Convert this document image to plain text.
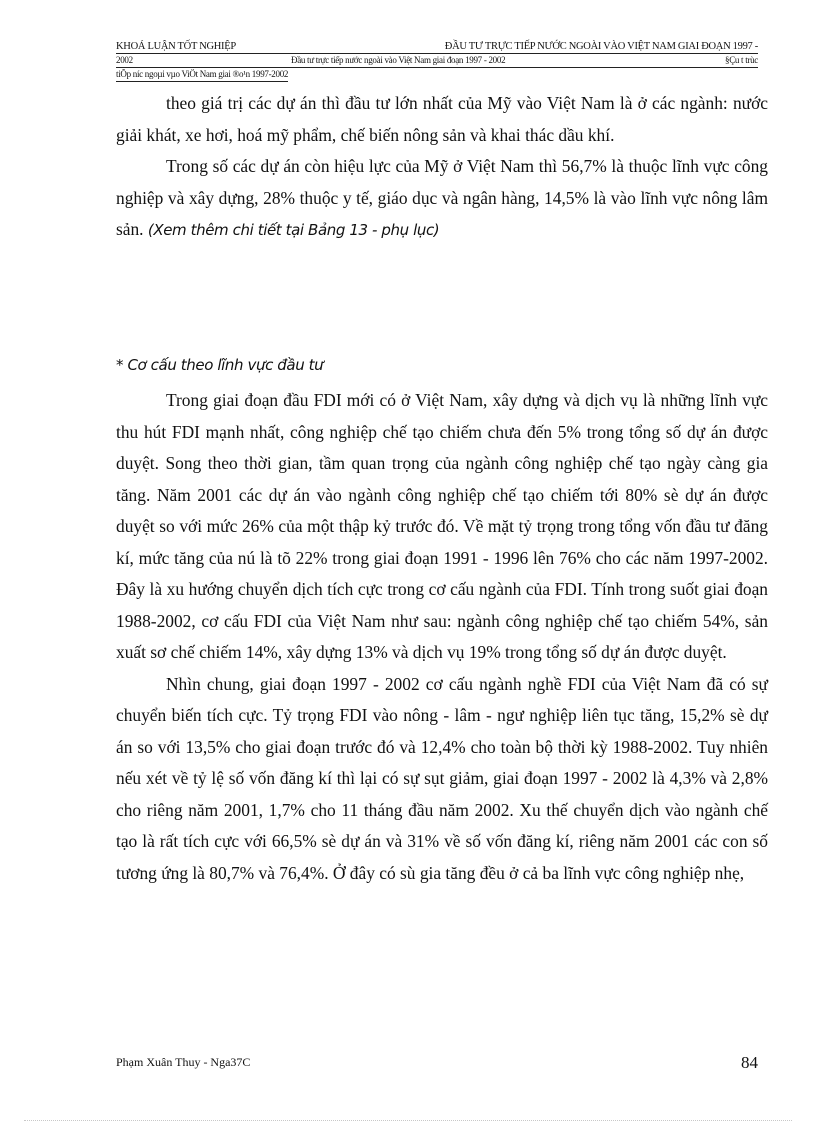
KHOÁ LUẬN TỐT NGHIỆP	ĐẦU TƯ TRỰC TIẾP NƯỚC NGOÀI VÀO VIỆT NAM GIAI ĐOẠN 1997 -
2002	Đầu tư trực tiếp nước ngoài vào Việt Nam giai đoạn 1997 - 2002	§Çu t trùc
tiÕp níc ngoµi vµo ViÖt Nam giai ®o¹n 1997-2002

theo giá trị các dự án thì đầu tư lớn nhất của Mỹ vào Việt Nam là ở các ngành: nước giải khát, xe hơi, hoá mỹ phẩm, chế biến nông sản và khai thác dầu khí.

Trong số các dự án còn hiệu lực của Mỹ ở Việt Nam thì 56,7% là thuộc lĩnh vực công nghiệp và xây dựng, 28% thuộc y tế, giáo dục và ngân hàng, 14,5% là vào lĩnh vực nông lâm sản. (Xem thêm chi tiết tại Bảng 13 - phụ lục)

* Cơ cấu theo lĩnh vực đầu tư

Trong giai đoạn đầu FDI mới có ở Việt Nam, xây dựng và dịch vụ là những lĩnh vực thu hút FDI mạnh nhất, công nghiệp chế tạo chiếm chưa đến 5% trong tổng số dự án được duyệt. Song theo thời gian, tầm quan trọng của ngành công nghiệp chế tạo ngày càng gia tăng. Năm 2001 các dự án vào ngành công nghiệp chế tạo chiếm tới 80% sè dự án được duyệt so với mức 26% của một thập kỷ trước đó. Về mặt tỷ trọng trong tổng vốn đầu tư đăng kí, mức tăng của nú là tõ 22% trong giai đoạn 1991 - 1996 lên 76% cho các năm 1997-2002. Đây là xu hướng chuyển dịch tích cực trong cơ cấu ngành của FDI. Tính trong suốt giai đoạn 1988-2002, cơ cấu FDI của Việt Nam như sau: ngành công nghiệp chế tạo chiếm 54%, sản xuất sơ chế chiếm 14%, xây dựng 13% và dịch vụ 19% trong tổng số dự án được duyệt.

Nhìn chung, giai đoạn 1997 - 2002 cơ cấu ngành nghề FDI của Việt Nam đã có sự chuyển biến tích cực. Tỷ trọng FDI vào nông - lâm - ngư nghiệp liên tục tăng, 15,2% sè dự án so với 13,5% cho giai đoạn trước đó và 12,4% cho toàn bộ thời kỳ 1988-2002. Tuy nhiên nếu xét về tỷ lệ số vốn đăng kí thì lại có sự sụt giảm, giai đoạn 1997 - 2002 là 4,3% và 2,8% cho riêng năm 2001, 1,7% cho 11 tháng đầu năm 2002. Xu thế chuyển dịch vào ngành chế tạo là rất tích cực với 66,5% sè dự án và 31% về số vốn đăng kí, riêng năm 2001 các con số tương ứng là 80,7% và 76,4%. Ở đây có sù gia tăng đều ở cả ba lĩnh vực công nghiệp nhẹ,

Phạm Xuân Thuy - Nga37C	84
